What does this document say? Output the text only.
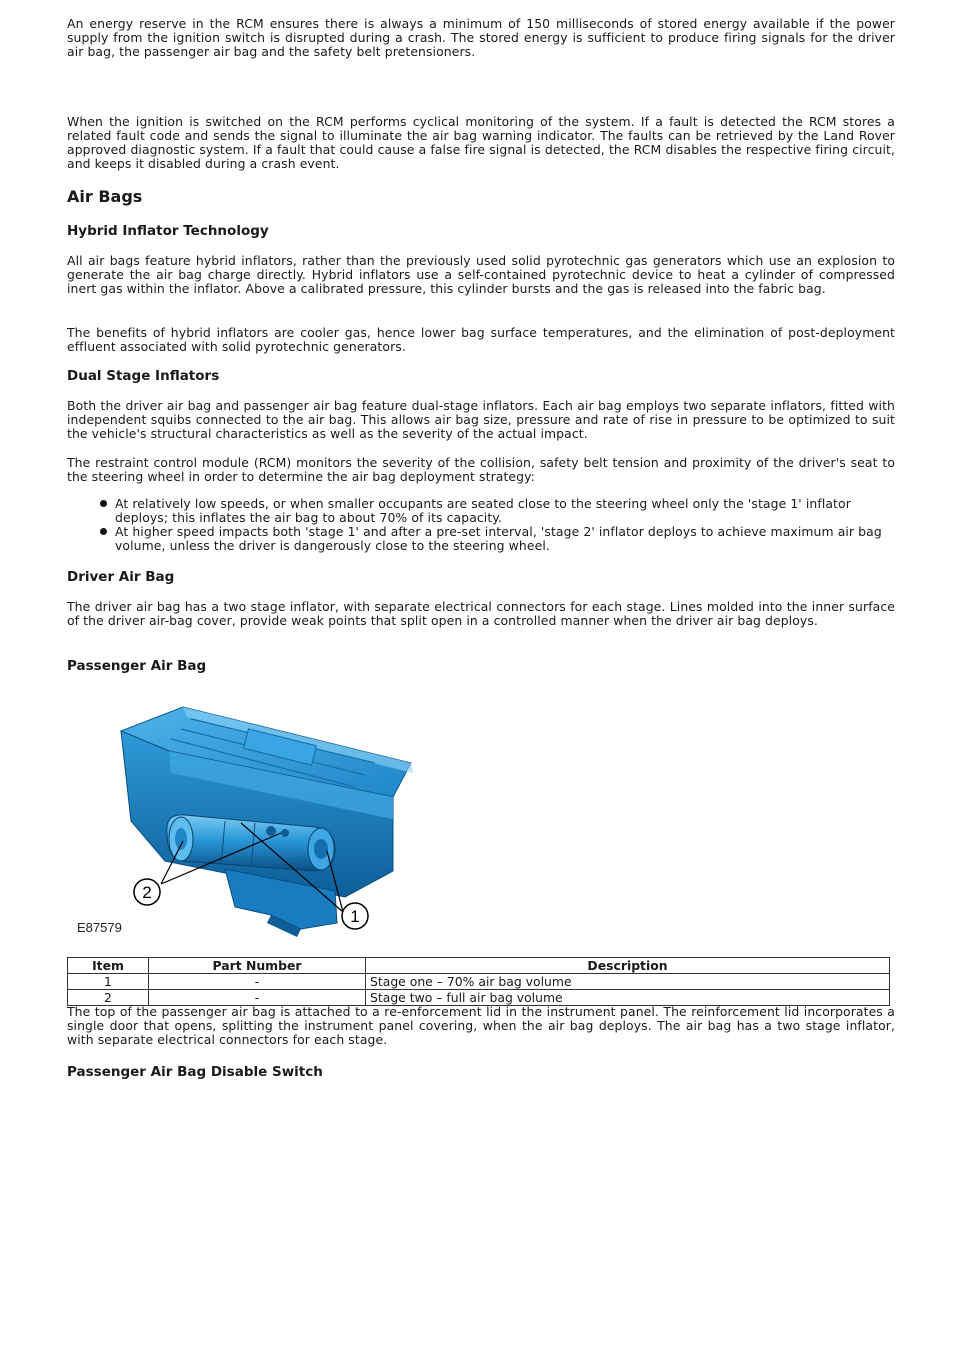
An energy reserve in the RCM ensures there is always a minimum of 150 milliseconds of stored energy available if the power supply from the ignition switch is disrupted during a crash. The stored energy is sufficient to produce firing signals for the driver air bag, the passenger air bag and the safety belt pretensioners.

When the ignition is switched on the RCM performs cyclical monitoring of the system. If a fault is detected the RCM stores a related fault code and sends the signal to illuminate the air bag warning indicator. The faults can be retrieved by the Land Rover approved diagnostic system. If a fault that could cause a false fire signal is detected, the RCM disables the respective firing circuit, and keeps it disabled during a crash event.

Air Bags
Hybrid Inflator Technology

All air bags feature hybrid inflators, rather than the previously used solid pyrotechnic gas generators which use an explosion to generate the air bag charge directly. Hybrid inflators use a self-contained pyrotechnic device to heat a cylinder of compressed inert gas within the inflator. Above a calibrated pressure, this cylinder bursts and the gas is released into the fabric bag.

The benefits of hybrid inflators are cooler gas, hence lower bag surface temperatures, and the elimination of post-deployment effluent associated with solid pyrotechnic generators.

Dual Stage Inflators

Both the driver air bag and passenger air bag feature dual-stage inflators. Each air bag employs two separate inflators, fitted with independent squibs connected to the air bag. This allows air bag size, pressure and rate of rise in pressure to be optimized to suit the vehicle's structural characteristics as well as the severity of the actual impact.

The restraint control module (RCM) monitors the severity of the collision, safety belt tension and proximity of the driver's seat to the steering wheel in order to determine the air bag deployment strategy:

At relatively low speeds, or when smaller occupants are seated close to the steering wheel only the 'stage 1' inflator deploys; this inflates the air bag to about 70% of its capacity.
At higher speed impacts both 'stage 1' and after a pre-set interval, 'stage 2' inflator deploys to achieve maximum air bag volume, unless the driver is dangerously close to the steering wheel.
Driver Air Bag

The driver air bag has a two stage inflator, with separate electrical connectors for each stage. Lines molded into the inner surface of the driver air-bag cover, provide weak points that split open in a controlled manner when the driver air bag deploys.

Passenger Air Bag
Item	Part Number	Description
1	-	Stage one – 70% air bag volume
2	-	Stage two – full air bag volume

The top of the passenger air bag is attached to a re-enforcement lid in the instrument panel. The reinforcement lid incorporates a single door that opens, splitting the instrument panel covering, when the air bag deploys. The air bag has a two stage inflator, with separate electrical connectors for each stage.

Passenger Air Bag Disable Switch
2
1
E87579
